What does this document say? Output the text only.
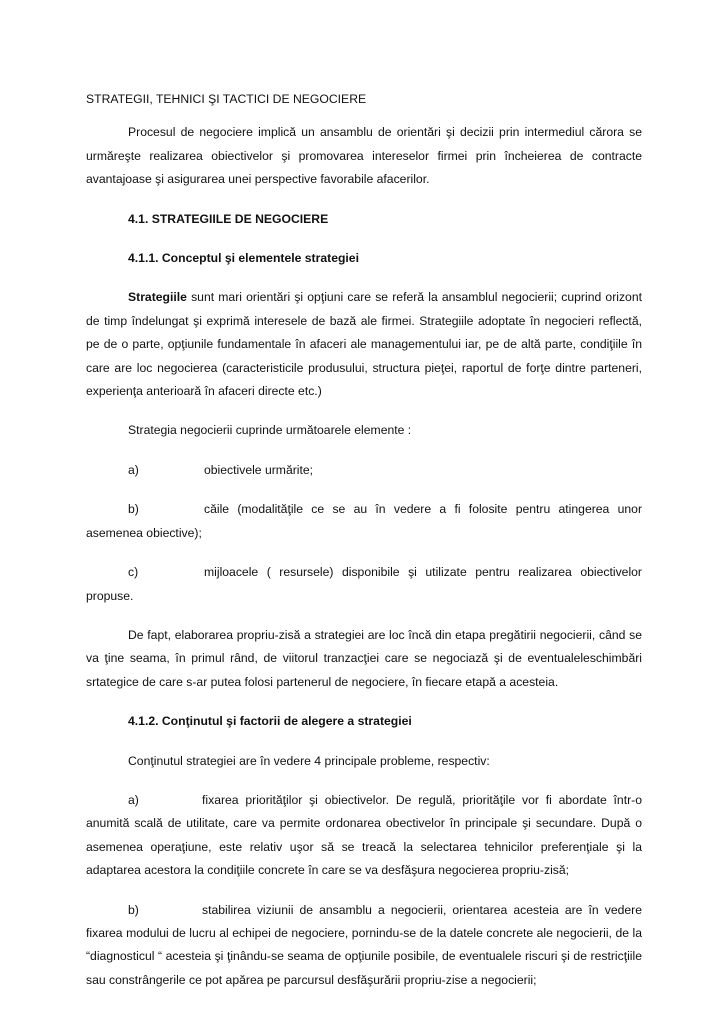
STRATEGII, TEHNICI ŞI TACTICI DE NEGOCIERE

Procesul de negociere implică un ansamblu de orientări şi decizii prin intermediul cărora se urmăreşte realizarea obiectivelor şi promovarea intereselor firmei prin încheierea de contracte avantajoase şi asigurarea unei perspective favorabile afacerilor.

4.1. STRATEGIILE DE NEGOCIERE
4.1.1. Conceptul şi elementele strategiei

Strategiile sunt mari orientări şi opţiuni care se referă la ansamblul negocierii; cuprind orizont de timp îndelungat şi exprimă interesele de bază ale firmei. Strategiile adoptate în negocieri reflectă, pe de o parte, opţiunile fundamentale în afaceri ale managementului iar, pe de altă parte, condiţiile în care are loc negocierea (caracteristicile produsului, structura pieţei, raportul de forţe dintre parteneri, experienţa anterioară în afaceri directe etc.)

Strategia negocierii cuprinde următoarele elemente :

a)	obiectivele urmărite;
b)	căile (modalităţile ce se au în vedere a fi folosite pentru atingerea unor asemenea obiective);
c)	mijloacele ( resursele) disponibile şi utilizate pentru realizarea obiectivelor propuse.

De fapt, elaborarea propriu-zisă a strategiei are loc încă din etapa pregătirii negocierii, când se va ţine seama, în primul rând, de viitorul tranzacţiei care se negociază şi de eventualeleschimbări srtategice de care s-ar putea folosi partenerul de negociere, în fiecare etapă a acesteia.

4.1.2. Conţinutul şi factorii de alegere a strategiei

Conţinutul strategiei are în vedere 4 principale probleme, respectiv:

a)	fixarea priorităţilor şi obiectivelor. De regulă, priorităţile vor fi abordate într-o anumită scală de utilitate, care va permite ordonarea obectivelor în principale şi secundare. După o asemenea operaţiune, este relativ uşor să se treacă la selectarea tehnicilor preferenţiale şi la adaptarea acestora la condiţiile concrete în care se va desfăşura negocierea propriu-zisă;
b)	stabilirea viziunii de ansamblu a negocierii, orientarea acesteia are în vedere fixarea modului de lucru al echipei de negociere, pornindu-se de la datele concrete ale negocierii, de la “diagnosticul “ acesteia şi ţinându-se seama de opţiunile posibile, de eventualele riscuri şi de restricţiile sau constrângerile ce pot apărea pe parcursul desfăşurării propriu-zise a negocierii;
